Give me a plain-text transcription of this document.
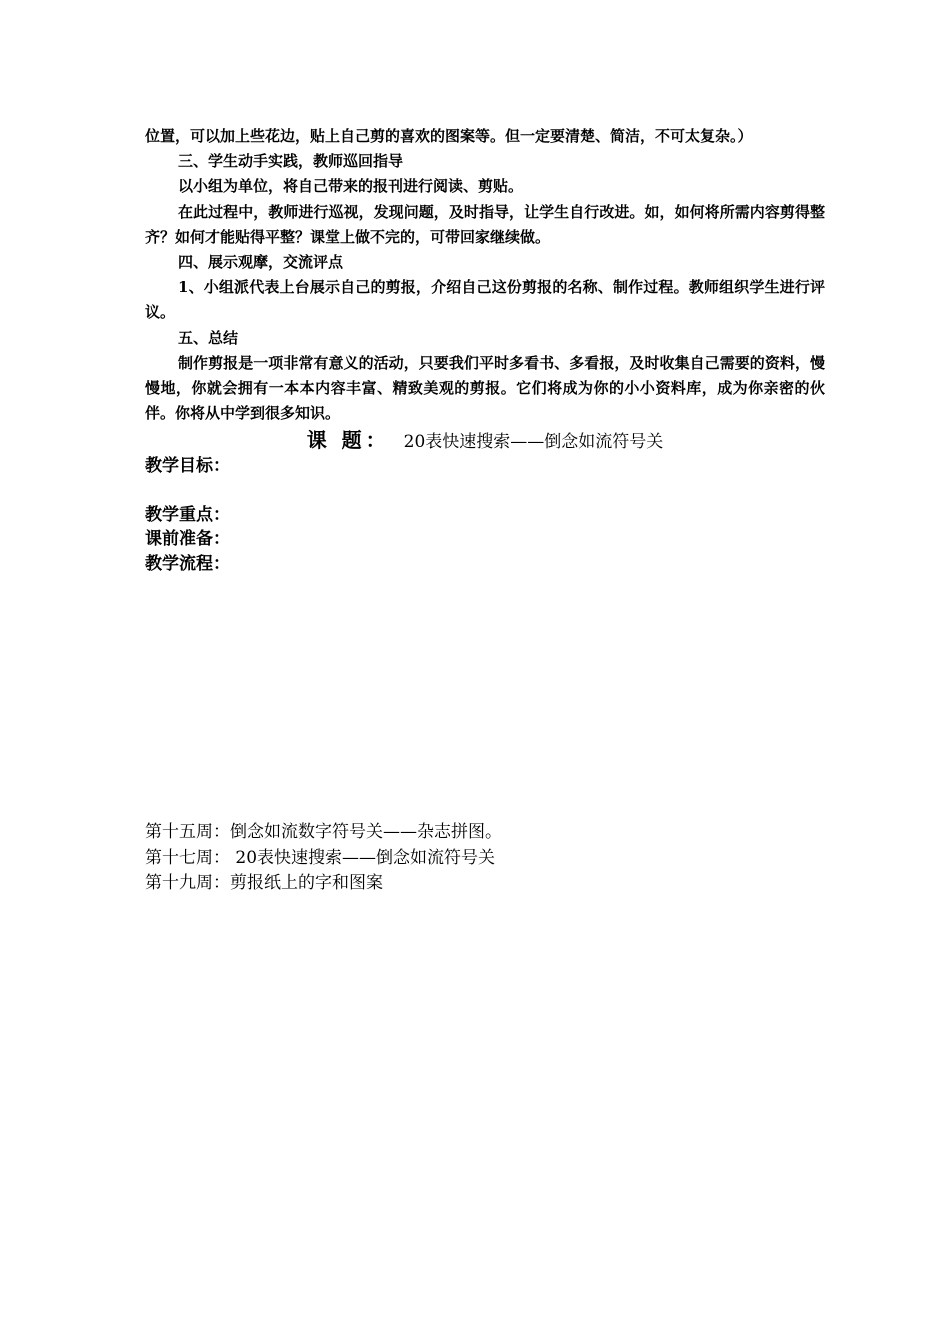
位置，可以加上些花边，贴上自己剪的喜欢的图案等。但一定要清楚、简洁，不可太复杂。）

三、学生动手实践，教师巡回指导

以小组为单位，将自己带来的报刊进行阅读、剪贴。

在此过程中，教师进行巡视，发现问题，及时指导，让学生自行改进。如，如何将所需内容剪得整齐？如何才能贴得平整？课堂上做不完的，可带回家继续做。

四、展示观摩，交流评点

1、小组派代表上台展示自己的剪报，介绍自己这份剪报的名称、制作过程。教师组织学生进行评议。

五、总结

制作剪报是一项非常有意义的活动，只要我们平时多看书、多看报，及时收集自己需要的资料，慢慢地，你就会拥有一本本内容丰富、精致美观的剪报。它们将成为你的小小资料库，成为你亲密的伙伴。你将从中学到很多知识。

课 题： 20表快速搜索——倒念如流符号关

教学目标：

教学重点：

课前准备：

教学流程：

第十五周：倒念如流数字符号关——杂志拼图。

第十七周： 20表快速搜索——倒念如流符号关

第十九周：剪报纸上的字和图案
